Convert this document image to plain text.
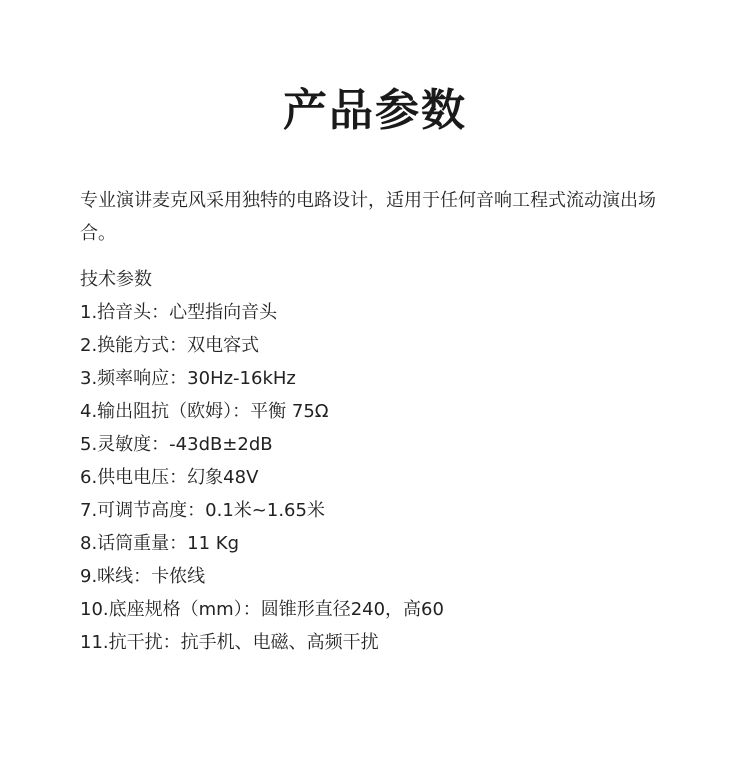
产品参数

专业演讲麦克风采用独特的电路设计，适用于任何音响工程式流动演出场合。

技术参数
1.拾音头：心型指向音头
2.换能方式：双电容式
3.频率响应：30Hz-16kHz
4.输出阻抗（欧姆）：平衡 75Ω
5.灵敏度：-43dB±2dB
6.供电电压：幻象48V
7.可调节高度：0.1米~1.65米
8.话筒重量：11 Kg
9.咪线：卡侬线
10.底座规格（mm）：圆锥形直径240，高60
11.抗干扰：抗手机、电磁、高频干扰
